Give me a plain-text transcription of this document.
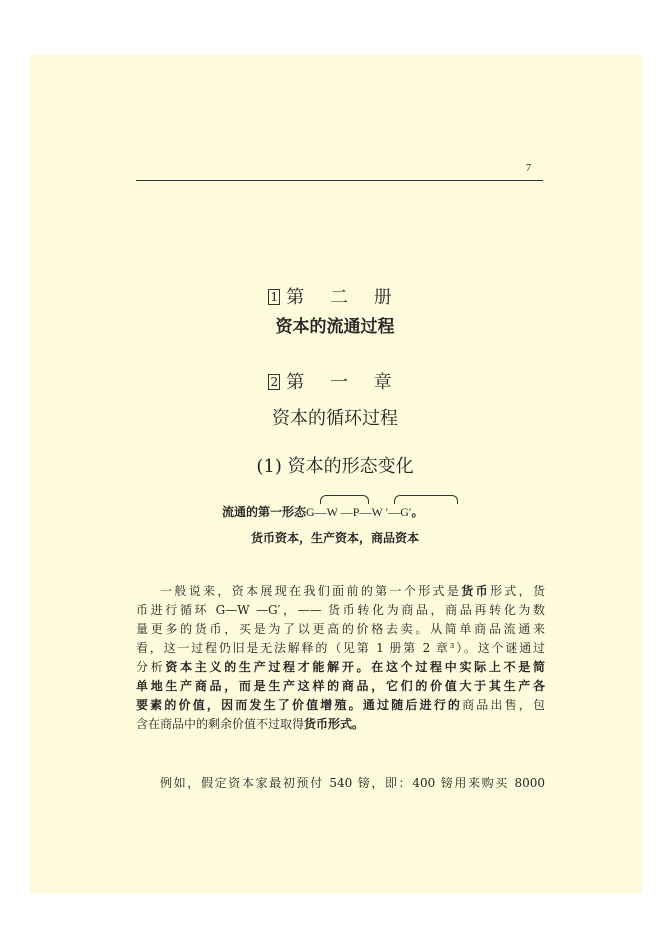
7
1 第 二 册
资本的流通过程
2 第 一 章
资本的循环过程
(1) 资本的形态变化
流通的第一形态G—W —P—W ′—G′。
货币资本，生产资本，商品资本
一般说来，资本展现在我们面前的第一个形式是货币形式，货
币进行循环 G—W —G′，—— 货币转化为商品，商品再转化为数
量更多的货币，买是为了以更高的价格去卖。从简单商品流通来
看，这一过程仍旧是无法解释的（见第 1 册第 2 章³）。这个谜通过
分析资本主义的生产过程才能解开。在这个过程中实际上不是简
单地生产商品，而是生产这样的商品，它们的价值大于其生产各
要素的价值，因而发生了价值增殖。通过随后进行的商品出售，包
含在商品中的剩余价值不过取得货币形式。
例如，假定资本家最初预付 540 镑，即：400 镑用来购买 8000
